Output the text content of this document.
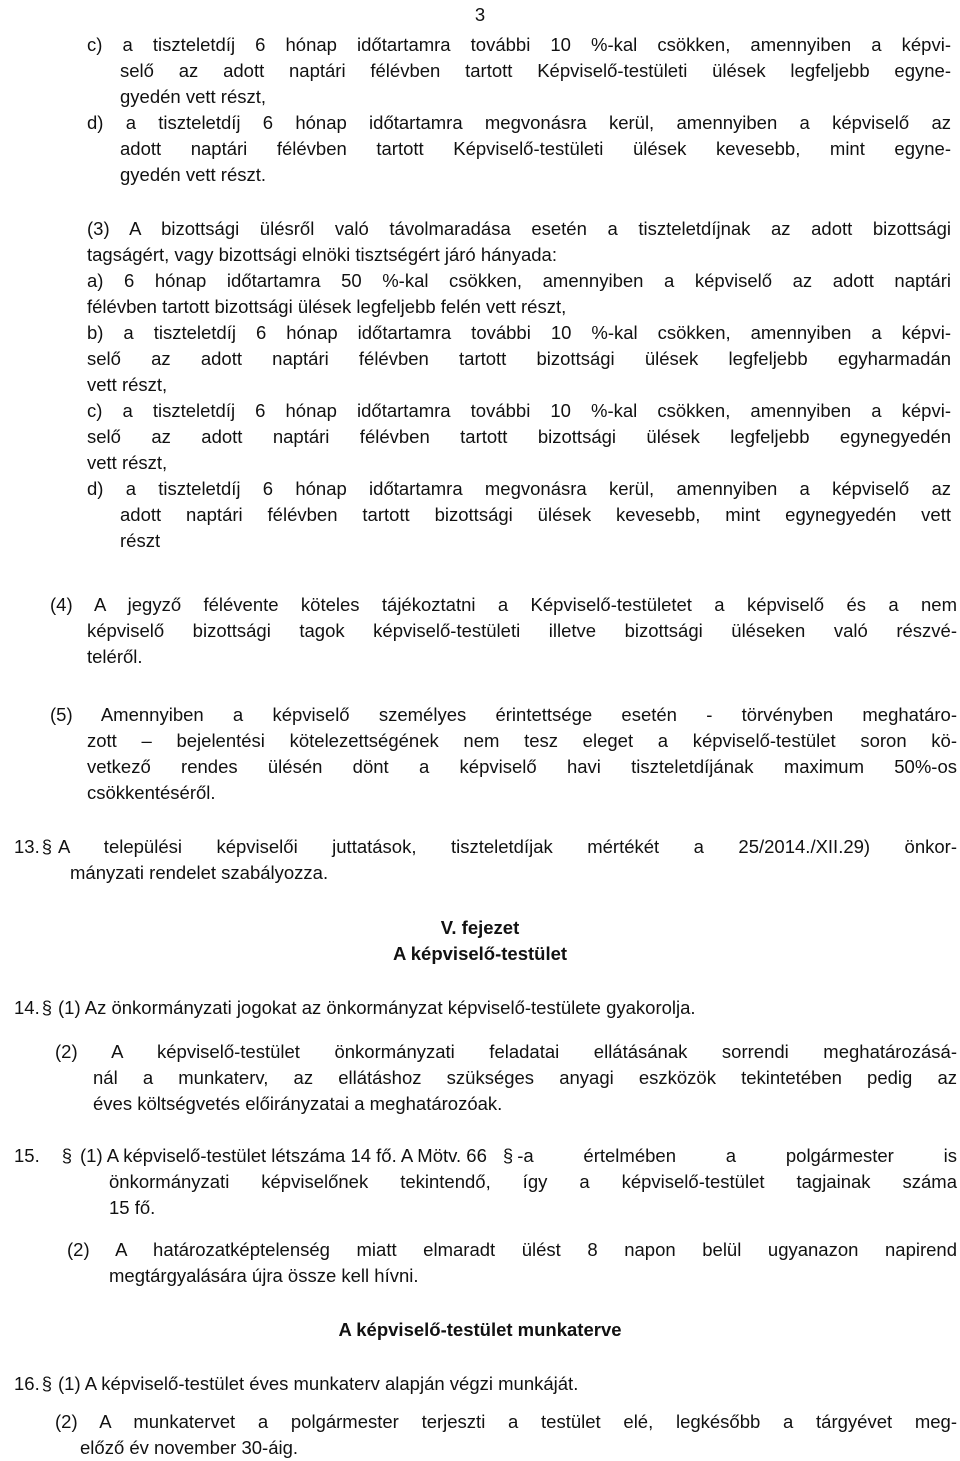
3

c) a tiszteletdíj 6 hónap időtartamra további 10 %-kal csökken, amennyiben a képvi-

selő az adott naptári félévben tartott Képviselő-testületi ülések legfeljebb egyne-

gyedén vett részt,

d) a tiszteletdíj 6 hónap időtartamra megvonásra kerül, amennyiben a képviselő az

adott naptári félévben tartott Képviselő-testületi ülések kevesebb, mint egyne-

gyedén vett részt.

(3) A bizottsági ülésről való távolmaradása esetén a tiszteletdíjnak az adott bizottsági

tagságért, vagy bizottsági elnöki tisztségért járó hányada:

a) 6 hónap időtartamra 50 %-kal csökken, amennyiben a képviselő az adott naptári

félévben tartott bizottsági ülések legfeljebb felén vett részt,

b) a tiszteletdíj 6 hónap időtartamra további 10 %-kal csökken, amennyiben a képvi-

selő az adott naptári félévben tartott bizottsági ülések legfeljebb egyharmadán

vett részt,

c) a tiszteletdíj 6 hónap időtartamra további 10 %-kal csökken, amennyiben a képvi-

selő az adott naptári félévben tartott bizottsági ülések legfeljebb egynegyedén

vett részt,

d) a tiszteletdíj 6 hónap időtartamra megvonásra kerül, amennyiben a képviselő az

adott naptári félévben tartott bizottsági ülések kevesebb, mint egynegyedén vett

részt

(4) A jegyző félévente köteles tájékoztatni a Képviselő-testületet a képviselő és a nem

képviselő bizottsági tagok képviselő-testületi illetve bizottsági üléseken való részvé-

teléről.

(5) Amennyiben a képviselő személyes érintettsége esetén - törvényben meghatáro-

zott – bejelentési kötelezettségének nem tesz eleget a képviselő-testület soron kö-

vetkező rendes ülésén dönt a képviselő havi tiszteletdíjának maximum 50%-os

csökkentéséről.

13. § A települési képviselői juttatások, tiszteletdíjak mértékét a 25/2014./XII.29) önkor-

mányzati rendelet szabályozza.

V. fejezet

A képviselő-testület

14. § (1) Az önkormányzati jogokat az önkormányzat képviselő-testülete gyakorolja.

(2) A képviselő-testület önkormányzati feladatai ellátásának sorrendi meghatározásá-

nál a munkaterv, az ellátáshoz szükséges anyagi eszközök tekintetében pedig az

éves költségvetés előirányzatai a meghatározóak.

15. § (1) A képviselő-testület létszáma 14 fő. A Mötv. 66 § -a értelmében a polgármester is

önkormányzati képviselőnek tekintendő, így a képviselő-testület tagjainak száma

15 fő.

(2) A határozatképtelenség miatt elmaradt ülést 8 napon belül ugyanazon napirend

megtárgyalására újra össze kell hívni.

A képviselő-testület munkaterve

16. § (1) A képviselő-testület éves munkaterv alapján végzi munkáját.

(2) A munkatervet a polgármester terjeszti a testület elé, legkésőbb a tárgyévet meg-

előző év november 30-áig.
